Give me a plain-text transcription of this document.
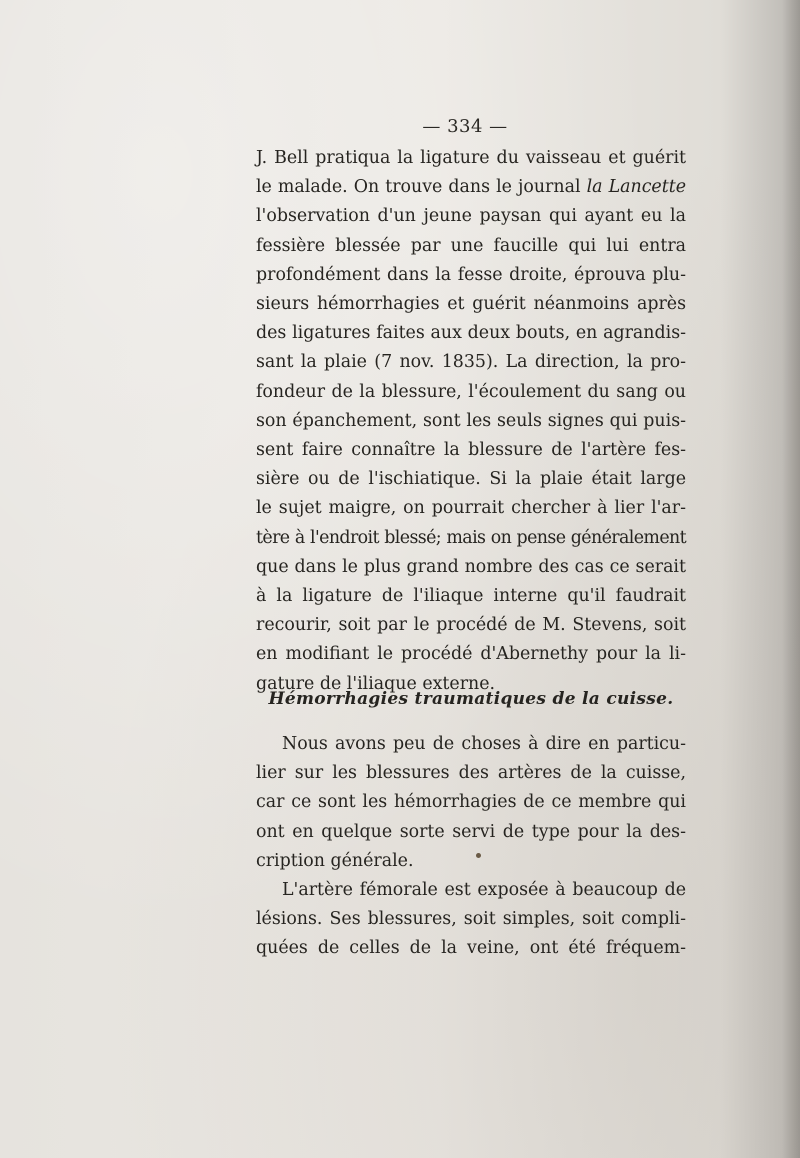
— 334 —
J. Bell pratiqua la ligature du vaisseau et guérit
le malade. On trouve dans le journal la Lancette
l'observation d'un jeune paysan qui ayant eu la
fessière blessée par une faucille qui lui entra
profondément dans la fesse droite, éprouva plu-
sieurs hémorrhagies et guérit néanmoins après
des ligatures faites aux deux bouts, en agrandis-
sant la plaie (7 nov. 1835). La direction, la pro-
fondeur de la blessure, l'écoulement du sang ou
son épanchement, sont les seuls signes qui puis-
sent faire connaître la blessure de l'artère fes-
sière ou de l'ischiatique. Si la plaie était large
le sujet maigre, on pourrait chercher à lier l'ar-
tère à l'endroit blessé; mais on pense généralement
que dans le plus grand nombre des cas ce serait
à la ligature de l'iliaque interne qu'il faudrait
recourir, soit par le procédé de M. Stevens, soit
en modifiant le procédé d'Abernethy pour la li-
gature de l'iliaque externe.
Hémorrhagies traumatiques de la cuisse.
Nous avons peu de choses à dire en particu-
lier sur les blessures des artères de la cuisse,
car ce sont les hémorrhagies de ce membre qui
ont en quelque sorte servi de type pour la des-
cription générale.
L'artère fémorale est exposée à beaucoup de
lésions. Ses blessures, soit simples, soit compli-
quées de celles de la veine, ont été fréquem-
